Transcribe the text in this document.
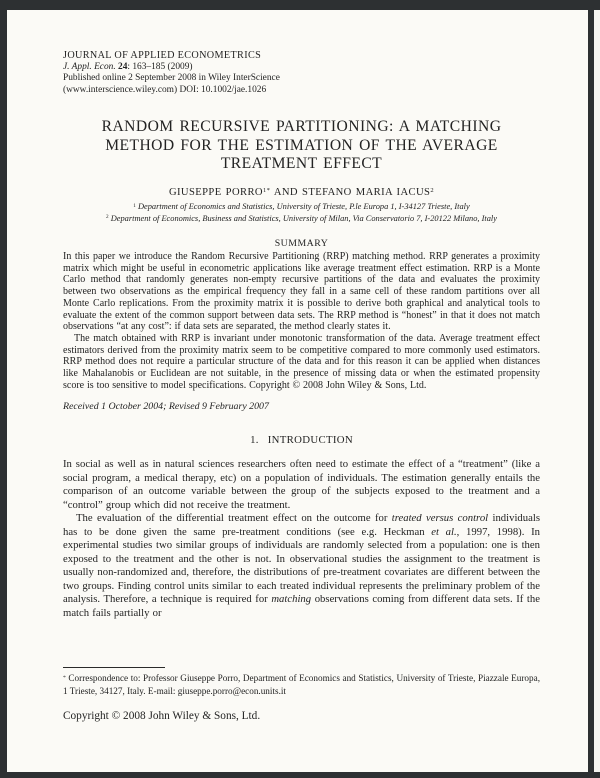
JOURNAL OF APPLIED ECONOMETRICS
J. Appl. Econ. 24: 163–185 (2009)
Published online 2 September 2008 in Wiley InterScience
(www.interscience.wiley.com) DOI: 10.1002/jae.1026
RANDOM RECURSIVE PARTITIONING: A MATCHING
METHOD FOR THE ESTIMATION OF THE AVERAGE
TREATMENT EFFECT
GIUSEPPE $PORRO^{1*}$ AND STEFANO MARIA IACUS$^2$
$^1$ Department of Economics and Statistics, University of Trieste, P.le Europa 1, I-34127 Trieste, Italy
$^2$ Department of Economics, Business and Statistics, University of Milan, Via Conservatorio 7, I-20122 Milano, Italy
SUMMARY

In this paper we introduce the Random Recursive Partitioning (RRP) matching method. RRP generates a proximity matrix which might be useful in econometric applications like average treatment effect estimation. RRP is a Monte Carlo method that randomly generates non-empty recursive partitions of the data and evaluates the proximity between two observations as the empirical frequency they fall in a same cell of these random partitions over all Monte Carlo replications. From the proximity matrix it is possible to derive both graphical and analytical tools to evaluate the extent of the common support between data sets. The RRP method is “honest” in that it does not match observations “at any cost”: if data sets are separated, the method clearly states it.

The match obtained with RRP is invariant under monotonic transformation of the data. Average treatment effect estimators derived from the proximity matrix seem to be competitive compared to more commonly used estimators. RRP method does not require a particular structure of the data and for this reason it can be applied when distances like Mahalanobis or Euclidean are not suitable, in the presence of missing data or when the estimated propensity score is too sensitive to model specifications. Copyright © 2008 John Wiley & Sons, Ltd.

Received 1 October 2004; Revised 9 February 2007
1. INTRODUCTION

In social as well as in natural sciences researchers often need to estimate the effect of a “treatment” (like a social program, a medical therapy, etc) on a population of individuals. The estimation generally entails the comparison of an outcome variable between the group of the subjects exposed to the treatment and a “control” group which did not receive the treatment.

The evaluation of the differential treatment effect on the outcome for treated versus control individuals has to be done given the same pre-treatment conditions (see e.g. Heckman et al., 1997, 1998). In experimental studies two similar groups of individuals are randomly selected from a population: one is then exposed to the treatment and the other is not. In observational studies the assignment to the treatment is usually non-randomized and, therefore, the distributions of pre-treatment covariates are different between the two groups. Finding control units similar to each treated individual represents the preliminary problem of the analysis. Therefore, a technique is required for matching observations coming from different data sets. If the match fails partially or

* Correspondence to: Professor Giuseppe Porro, Department of Economics and Statistics, University of Trieste, Piazzale Europa, 1 Trieste, 34127, Italy. E-mail: giuseppe.porro@econ.units.it

Copyright © 2008 John Wiley & Sons, Ltd.
